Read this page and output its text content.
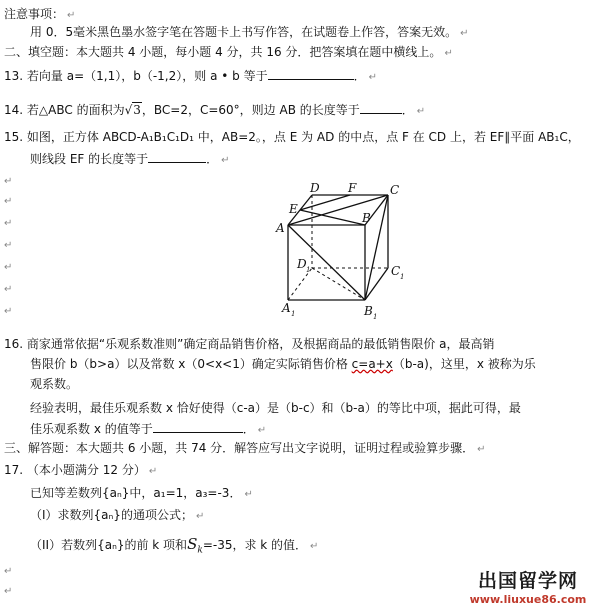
注意事项： ↵
用 0．5毫米黑色墨水签字笔在答题卡上书写作答，在试题卷上作答，答案无效。 ↵
二、填空题：本大题共 4 小题，每小题 4 分，共 16 分．把答案填在题中横线上。 ↵
13. 若向量 a=（1,1），b（-1,2），则 a • b 等于	． ↵
14. 若△ABC 的面积为√3，BC=2，C=60°，则边 AB 的长度等于	． ↵
15. 如图，正方体 ABCD-A₁B₁C₁D₁ 中，AB=2。，点 E 为 AD 的中点，点 F 在 CD 上，若 EF∥平面 AB₁C，
则线段 EF 的长度等于	． ↵
↵
↵
↵
↵
↵
↵
↵
D F	C
E
B
A
D 1	C 1
A 1	B 1
16. 商家通常依据“乐观系数准则”确定商品销售价格，及根据商品的最低销售限价 a，最高销
售限价 b（b>a）以及常数 x（0<x<1）确定实际销售价格 c=a+x（b-a)，这里，x 被称为乐
观系数。
经验表明，最佳乐观系数 x 恰好使得（c-a）是（b-c）和（b-a）的等比中项，据此可得，最
佳乐观系数 x 的值等于	． ↵
三、解答题：本大题共 6 小题，共 74 分．解答应写出文字说明，证明过程或验算步骤． ↵
17. （本小题满分 12 分） ↵
已知等差数列{aₙ}中，a₁=1，a₃=-3． ↵
（I）求数列{aₙ}的通项公式； ↵
（II）若数列{aₙ}的前 k 项和$S_k=-35$，求 k 的值． ↵
↵
↵	出国留学网
www.liuxue86.com
